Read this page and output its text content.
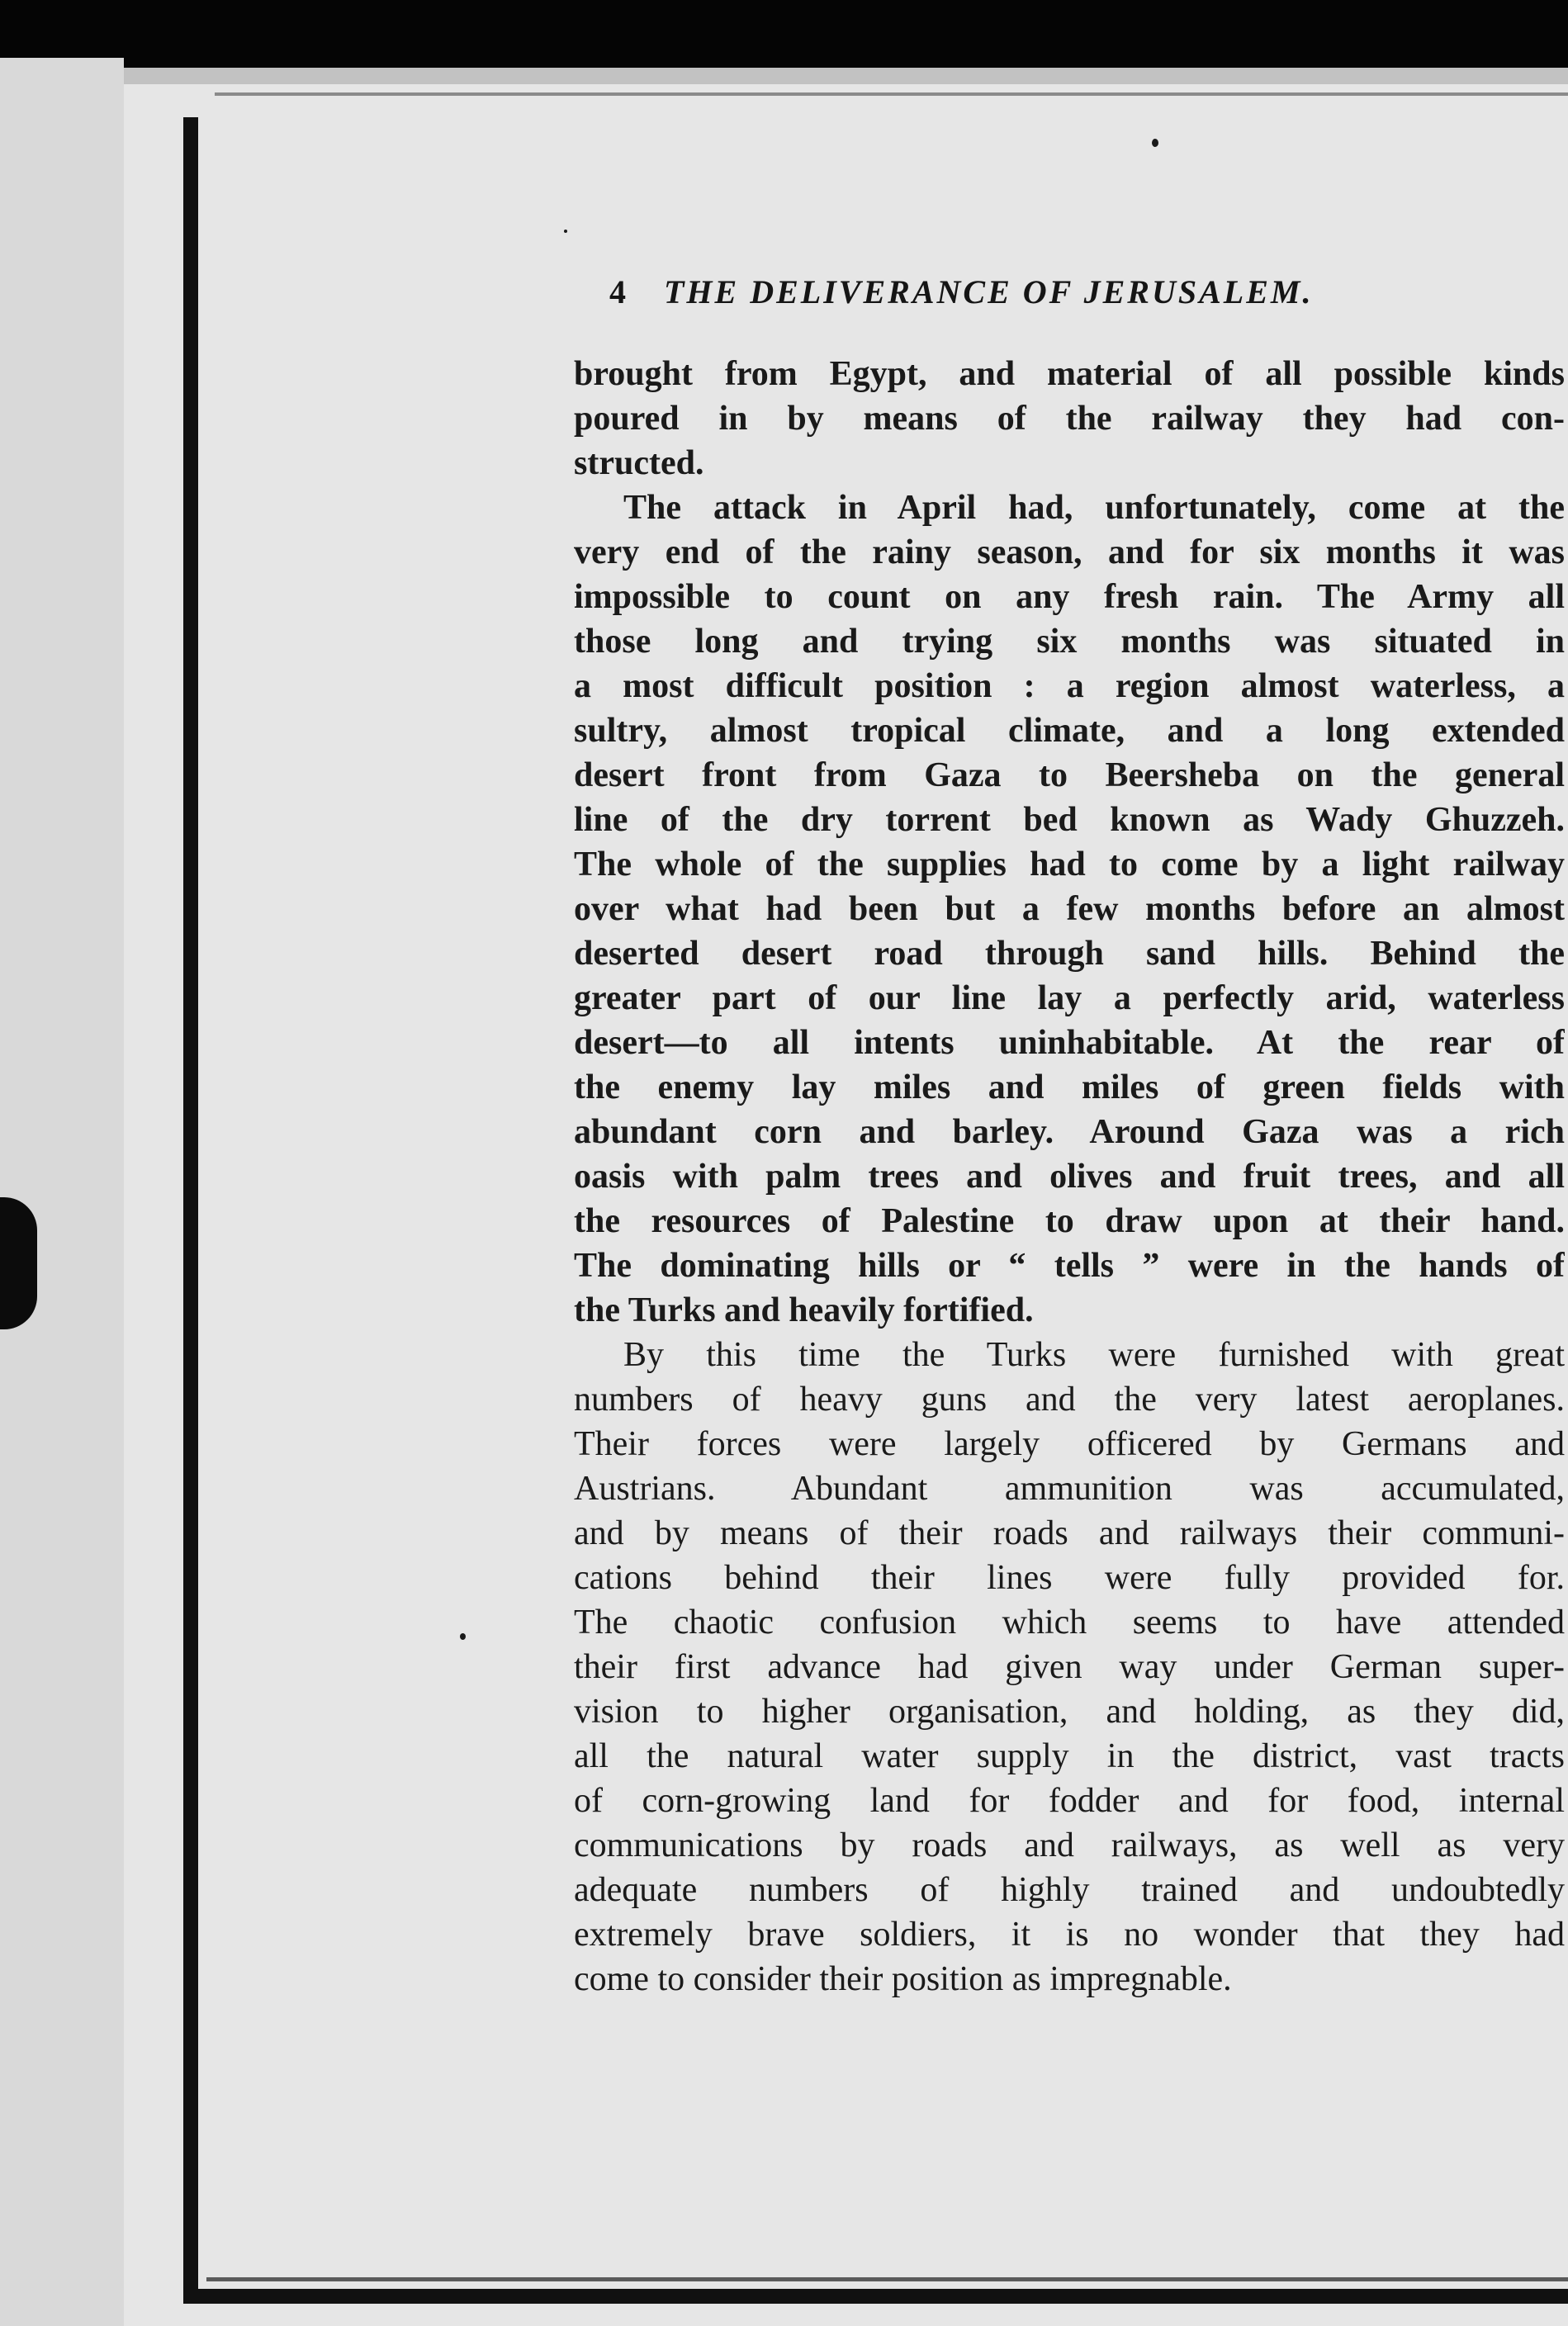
4 THE DELIVERANCE OF JERUSALEM.
brought from Egypt, and material of all possible kinds
poured in by means of the railway they had con-
structed.
The attack in April had, unfortunately, come at the
very end of the rainy season, and for six months it was
impossible to count on any fresh rain. The Army all
those long and trying six months was situated in
a most difficult position : a region almost waterless, a
sultry, almost tropical climate, and a long extended
desert front from Gaza to Beersheba on the general
line of the dry torrent bed known as Wady Ghuzzeh.
The whole of the supplies had to come by a light railway
over what had been but a few months before an almost
deserted desert road through sand hills. Behind the
greater part of our line lay a perfectly arid, waterless
desert—to all intents uninhabitable. At the rear of
the enemy lay miles and miles of green fields with
abundant corn and barley. Around Gaza was a rich
oasis with palm trees and olives and fruit trees, and all
the resources of Palestine to draw upon at their hand.
The dominating hills or “ tells ” were in the hands of
the Turks and heavily fortified.
By this time the Turks were furnished with great
numbers of heavy guns and the very latest aeroplanes.
Their forces were largely officered by Germans and
Austrians. Abundant ammunition was accumulated,
and by means of their roads and railways their communi-
cations behind their lines were fully provided for.
The chaotic confusion which seems to have attended
their first advance had given way under German super-
vision to higher organisation, and holding, as they did,
all the natural water supply in the district, vast tracts
of corn-growing land for fodder and for food, internal
communications by roads and railways, as well as very
adequate numbers of highly trained and undoubtedly
extremely brave soldiers, it is no wonder that they had
come to consider their position as impregnable.
